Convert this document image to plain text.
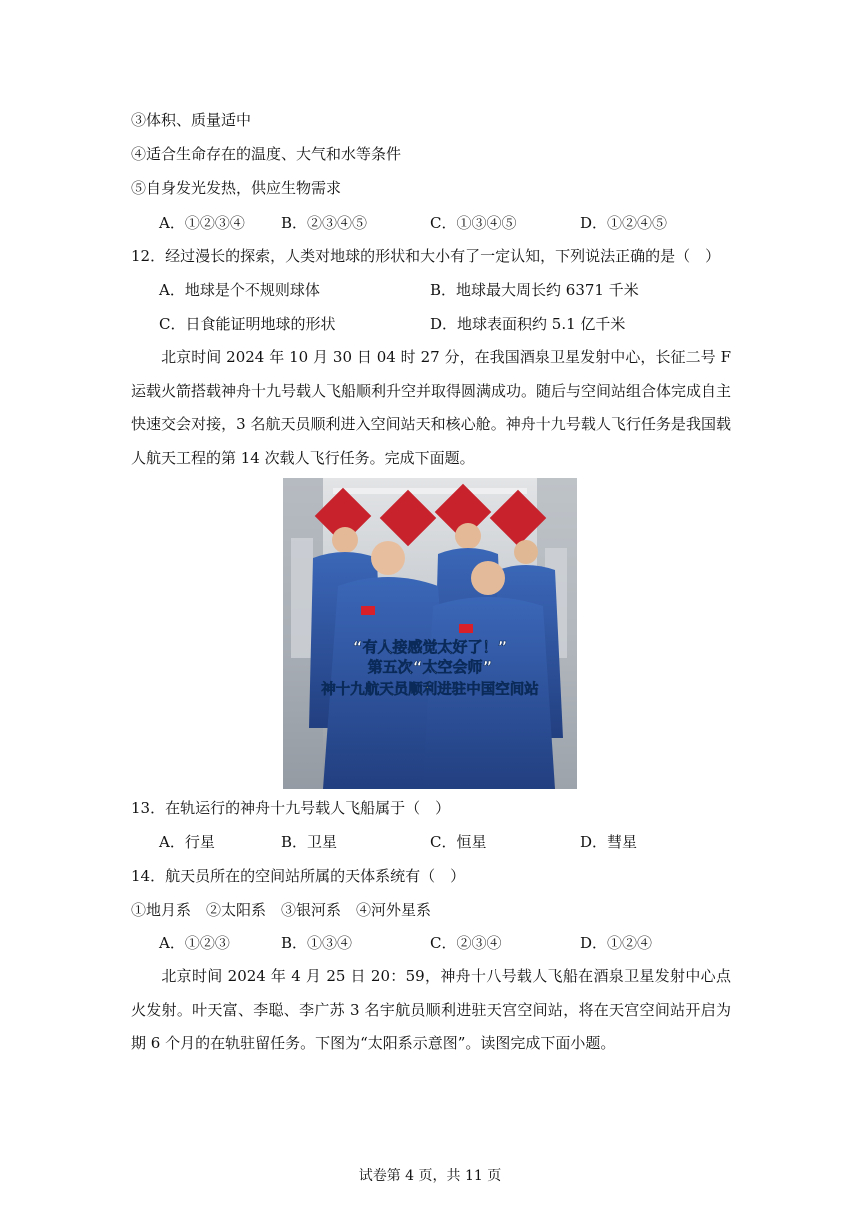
③体积、质量适中
④适合生命存在的温度、大气和水等条件
⑤自身发光发热，供应生物需求
A．①②③④ B．②③④⑤	C．①③④⑤	D．①②④⑤
12．经过漫长的探索，人类对地球的形状和大小有了一定认知，下列说法正确的是（　）
A．地球是个不规则球体	B．地球最大周长约 6371 千米
C．日食能证明地球的形状	D．地球表面积约 5.1 亿千米
北京时间 2024 年 10 月 30 日 04 时 27 分，在我国酒泉卫星发射中心，长征二号 F 运载火箭搭载神舟十九号载人飞船顺利升空并取得圆满成功。随后与空间站组合体完成自主快速交会对接，3 名航天员顺利进入空间站天和核心舱。神舟十九号载人飞行任务是我国载人航天工程的第 14 次载人飞行任务。完成下面题。
“有人接感觉太好了！”
第五次“太空会师”
神十九航天员顺利进驻中国空间站
13．在轨运行的神舟十九号载人飞船属于（　）
A．行星	B．卫星	C．恒星	D．彗星
14．航天员所在的空间站所属的天体系统有（　）
①地月系　②太阳系　③银河系　④河外星系
A．①②③	B．①③④	C．②③④	D．①②④
北京时间 2024 年 4 月 25 日 20：59，神舟十八号载人飞船在酒泉卫星发射中心点火发射。叶天富、李聪、李广苏 3 名宇航员顺利进驻天宫空间站，将在天宫空间站开启为期 6 个月的在轨驻留任务。下图为“太阳系示意图”。读图完成下面小题。
试卷第 4 页，共 11 页
